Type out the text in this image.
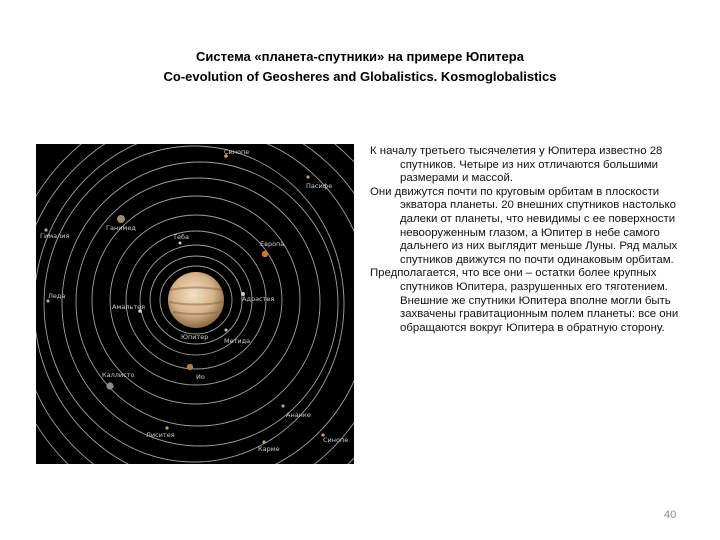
Система «планета-спутники» на примере Юпитера
Co-evolution of Geosheres and Globalistics. Kosmoglobalistics
Синопе
Пасифе
Ганимед
Гималия	Теба
Европа
Леда
Амальтея
Адрастея
Юпитер Метида
Ио
Каллисто
Ананке
Лиситея
Карме
Синопе

К началу третьего тысячелетия у Юпитера известно 28 спутников. Четыре из них отличаются большими размерами и массой.

Они движутся почти по круговым орбитам в плоскости экватора планеты. 20 внешних спутников настолько далеки от планеты, что невидимы с ее поверхности невооруженным глазом, а Юпитер в небе самого дальнего из них выглядит меньше Луны. Ряд малых спутников движутся по почти одинаковым орбитам.

Предполагается, что все они – остатки более крупных спутников Юпитера, разрушенных его тяготением. Внешние же спутники Юпитера вполне могли быть захвачены гравитационным полем планеты: все они обращаются вокруг Юпитера в обратную сторону.

40
